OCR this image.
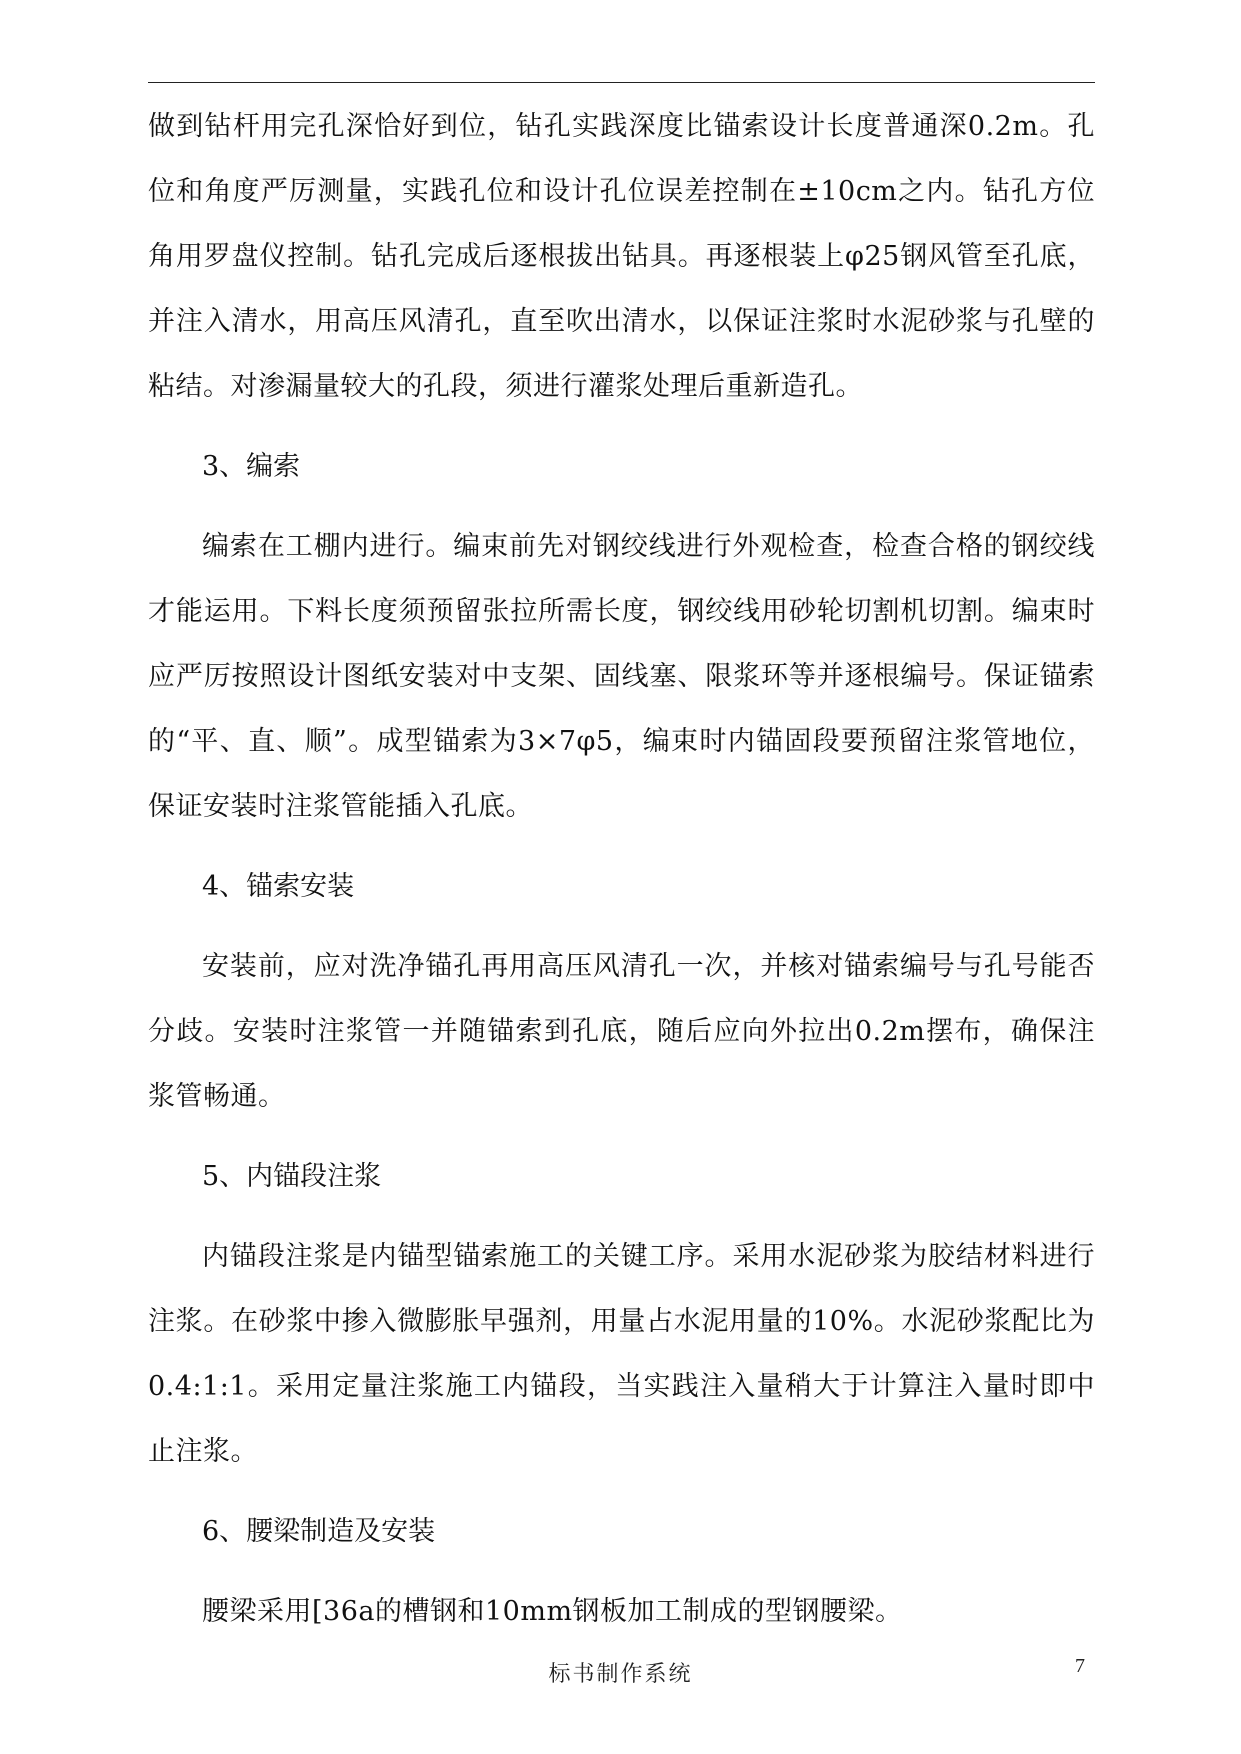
做到钻杆用完孔深恰好到位，钻孔实践深度比锚索设计长度普通深0.2m。孔位和角度严厉测量，实践孔位和设计孔位误差控制在±10cm之内。钻孔方位角用罗盘仪控制。钻孔完成后逐根拔出钻具。再逐根装上φ25钢风管至孔底，并注入清水，用高压风清孔，直至吹出清水，以保证注浆时水泥砂浆与孔壁的粘结。对渗漏量较大的孔段，须进行灌浆处理后重新造孔。

3、编索

编索在工棚内进行。编束前先对钢绞线进行外观检查，检查合格的钢绞线才能运用。下料长度须预留张拉所需长度，钢绞线用砂轮切割机切割。编束时应严厉按照设计图纸安装对中支架、固线塞、限浆环等并逐根编号。保证锚索的“平、直、顺”。成型锚索为3×7φ5，编束时内锚固段要预留注浆管地位，保证安装时注浆管能插入孔底。

4、锚索安装

安装前，应对洗净锚孔再用高压风清孔一次，并核对锚索编号与孔号能否分歧。安装时注浆管一并随锚索到孔底，随后应向外拉出0.2m摆布，确保注浆管畅通。

5、内锚段注浆

内锚段注浆是内锚型锚索施工的关键工序。采用水泥砂浆为胶结材料进行注浆。在砂浆中掺入微膨胀早强剂，用量占水泥用量的10%。水泥砂浆配比为0.4:1:1。采用定量注浆施工内锚段，当实践注入量稍大于计算注入量时即中止注浆。

6、腰梁制造及安装

腰梁采用[36a的槽钢和10mm钢板加工制成的型钢腰梁。

标书制作系统	7
